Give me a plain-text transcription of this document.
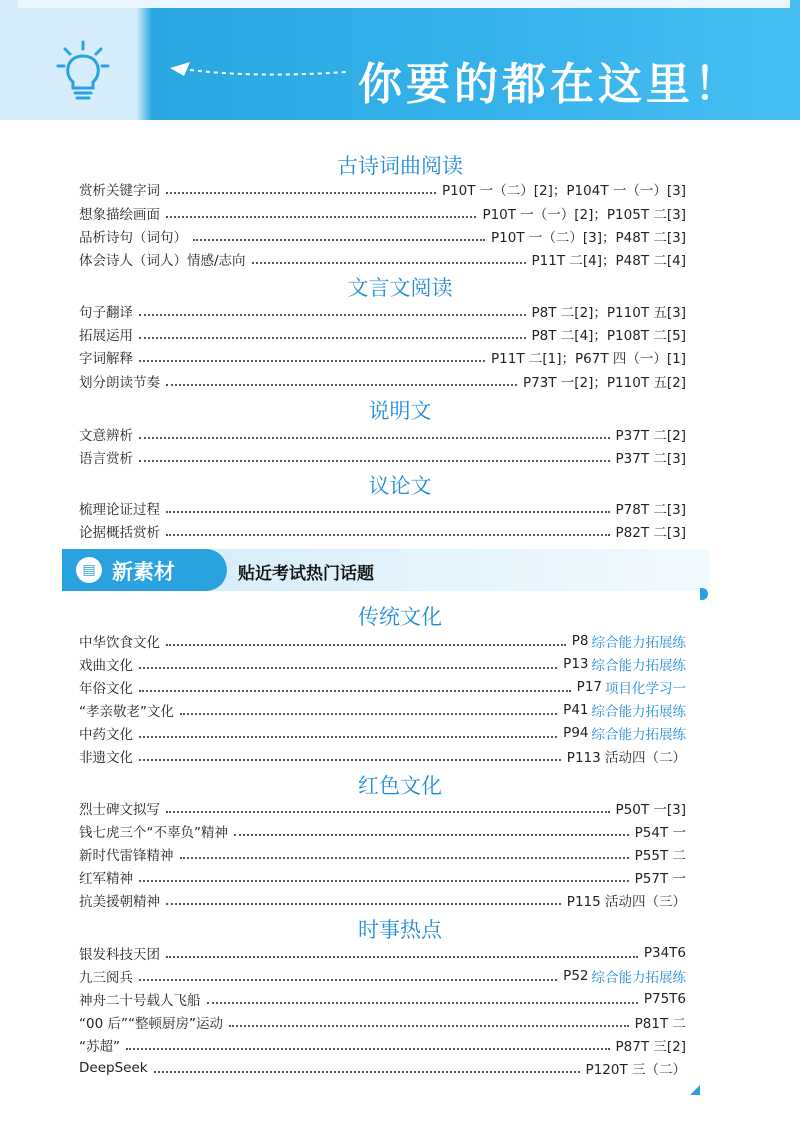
你要的都在这里！
古诗词曲阅读
赏析关键字词	P10T 一（二）[2]；P104T 一（一）[3]
想象描绘画面	P10T 一（一）[2]；P105T 二[3]
品析诗句（词句）	P10T 一（二）[3]；P48T 二[3]
体会诗人（词人）情感/志向	P11T 二[4]；P48T 二[4]
文言文阅读
句子翻译	P8T 二[2]；P110T 五[3]
拓展运用	P8T 二[4]；P108T 二[5]
字词解释	P11T 二[1]；P67T 四（一）[1]
划分朗读节奏	P73T 一[2]；P110T 五[2]
说明文
文意辨析	P37T 二[2]
语言赏析	P37T 二[3]
议论文
梳理论证过程	P78T 二[3]
论据概括赏析	P82T 二[3]
▤ 新素材	贴近考试热门话题
传统文化
中华饮食文化	P8 综合能力拓展练
戏曲文化	P13 综合能力拓展练
年俗文化	P17 项目化学习一
“孝亲敬老”文化	P41 综合能力拓展练
中药文化	P94 综合能力拓展练
非遗文化	P113 活动四（二）
红色文化
烈士碑文拟写	P50T 一[3]
钱七虎三个“不辜负”精神	P54T 一
新时代雷锋精神	P55T 二
红军精神	P57T 一
抗美援朝精神	P115 活动四（三）
时事热点
银发科技天团	P34T6
九三阅兵	P52 综合能力拓展练
神舟二十号载人飞船	P75T6
“00 后”“整顿厨房”运动	P81T 二
“苏超”	P87T 三[2]
DeepSeek	P120T 三（二）
